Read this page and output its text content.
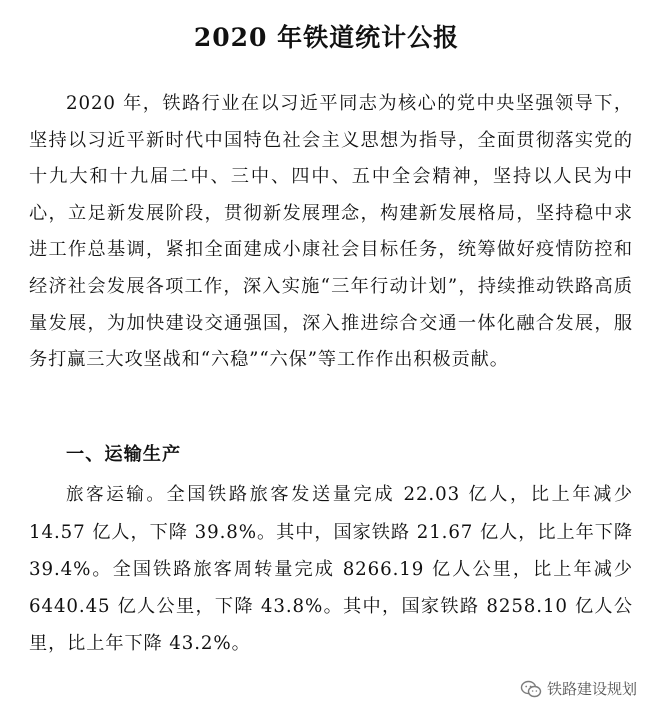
2020 年铁道统计公报

2020 年，铁路行业在以习近平同志为核心的党中央坚强领导下，坚持以习近平新时代中国特色社会主义思想为指导，全面贯彻落实党的十九大和十九届二中、三中、四中、五中全会精神，坚持以人民为中心，立足新发展阶段，贯彻新发展理念，构建新发展格局，坚持稳中求进工作总基调，紧扣全面建成小康社会目标任务，统筹做好疫情防控和经济社会发展各项工作，深入实施“三年行动计划”，持续推动铁路高质量发展，为加快建设交通强国，深入推进综合交通一体化融合发展，服务打赢三大攻坚战和“六稳”“六保”等工作作出积极贡献。

一、运输生产

旅客运输。全国铁路旅客发送量完成 22.03 亿人，比上年减少 14.57 亿人，下降 39.8%。其中，国家铁路 21.67 亿人，比上年下降 39.4%。全国铁路旅客周转量完成 8266.19 亿人公里，比上年减少 6440.45 亿人公里，下降 43.8%。其中，国家铁路 8258.10 亿人公里，比上年下降 43.2%。

铁路建设规划
